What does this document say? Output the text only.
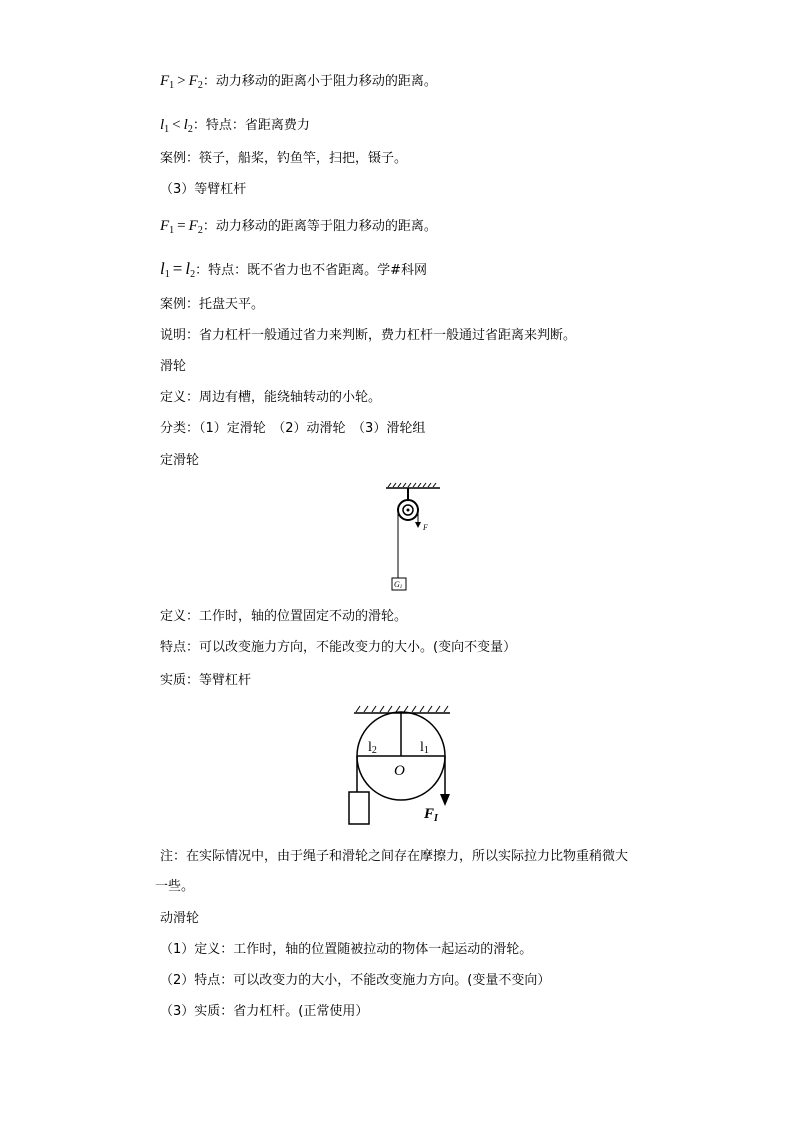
$F_1 > F_2$：动力移动的距离小于阻力移动的距离。
$l_1 < l_2$：特点：省距离费力
案例：筷子，船桨，钓鱼竿，扫把，镊子。
（3）等臂杠杆
$F_1 = F_2$：动力移动的距离等于阻力移动的距离。
$l_1 = l_2$：特点：既不省力也不省距离。学#科网
案例：托盘天平。
说明：省力杠杆一般通过省力来判断，费力杠杆一般通过省距离来判断。
滑轮
定义：周边有槽，能绕轴转动的小轮。
分类：（1）定滑轮　（2）动滑轮　（3）滑轮组
定滑轮
F
G1
定义：工作时，轴的位置固定不动的滑轮。
特点：可以改变施力方向，不能改变力的大小。(变向不变量）
实质：等臂杠杆
l2	l1
O
$F_I$
注：在实际情况中，由于绳子和滑轮之间存在摩擦力，所以实际拉力比物重稍微大
一些。
动滑轮
（1）定义：工作时，轴的位置随被拉动的物体一起运动的滑轮。
（2）特点：可以改变力的大小，不能改变施力方向。(变量不变向）
（3）实质：省力杠杆。(正常使用）
